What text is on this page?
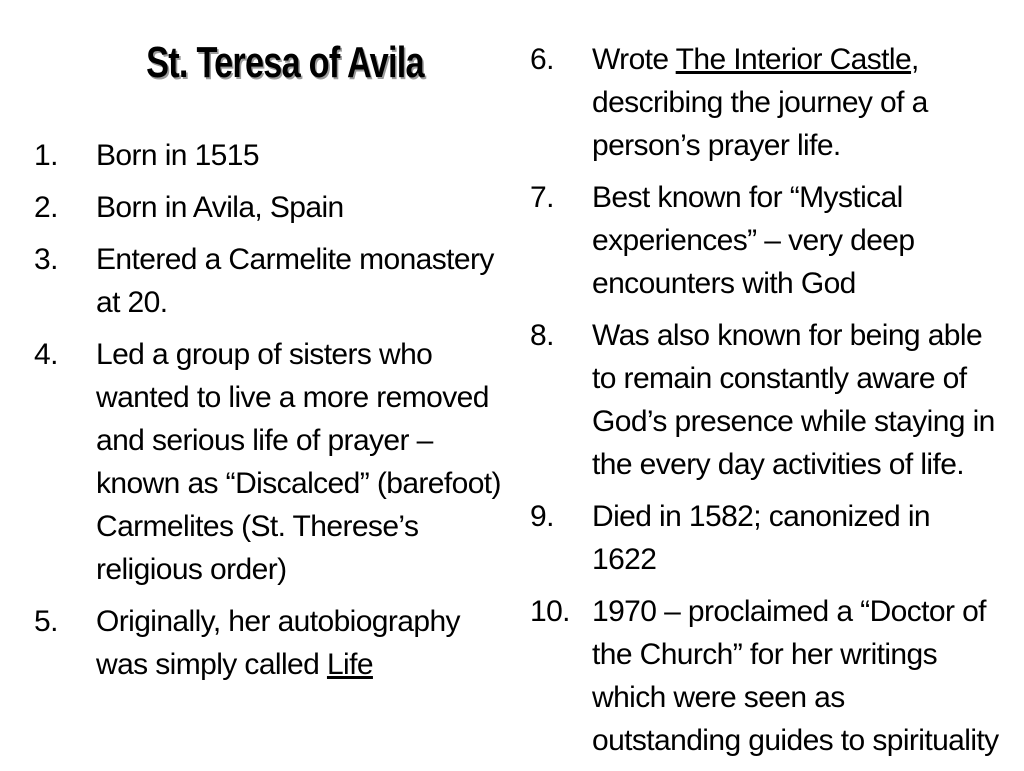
St. Teresa of Avila
1.	Born in 1515
2.	Born in Avila, Spain
3.	Entered a Carmelite monastery at 20.
4.	Led a group of sisters who wanted to live a more removed and serious life of prayer – known as “Discalced” (barefoot) Carmelites (St. Therese’s religious order)
5.	Originally, her autobiography was simply called Life
6.	Wrote The Interior Castle, describing the journey of a person’s prayer life.
7.	Best known for “Mystical experiences” – very deep encounters with God
8.	Was also known for being able to remain constantly aware of God’s presence while staying in the every day activities of life.
9.	Died in 1582; canonized in 1622
10. 1970 – proclaimed a “Doctor of the Church” for her writings which were seen as outstanding guides to spirituality
